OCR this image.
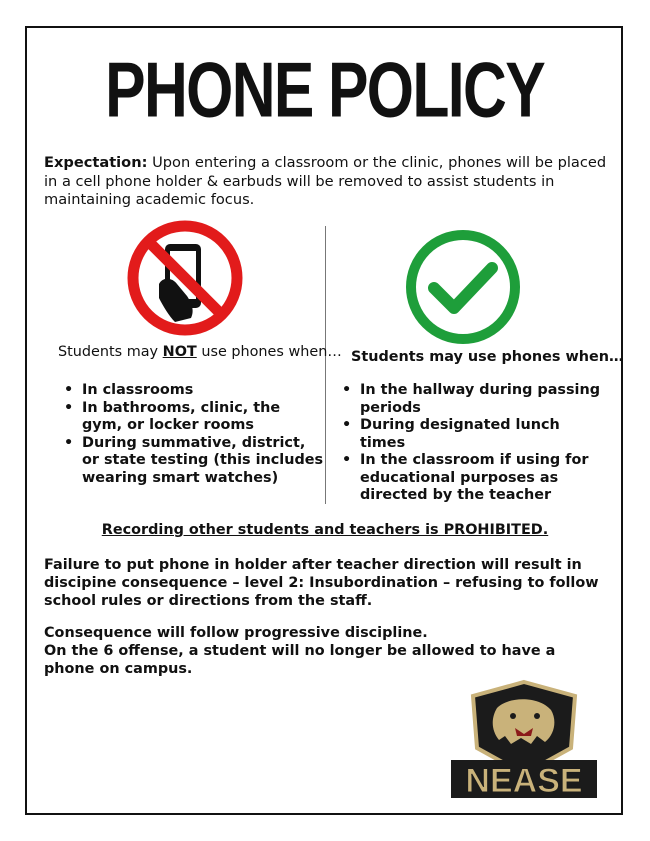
PHONE POLICY
Expectation: Upon entering a classroom or the clinic, phones will be placed in a cell phone holder & earbuds will be removed to assist students in maintaining academic focus.
Students may NOT use phones when… Students may use phones when…
• In classrooms
• In bathrooms, clinic, the gym, or locker rooms
• During summative, district, or state testing (this includes wearing smart watches)
• In the hallway during passing periods
• During designated lunch times
• In the classroom if using for educational purposes as directed by the teacher
Recording other students and teachers is PROHIBITED.
Failure to put phone in holder after teacher direction will result in discipine consequence – level 2: Insubordination – refusing to follow school rules or directions from the staff.
Consequence will follow progressive discipline.
On the 6 offense, a student will no longer be allowed to have a phone on campus.
NEASE
